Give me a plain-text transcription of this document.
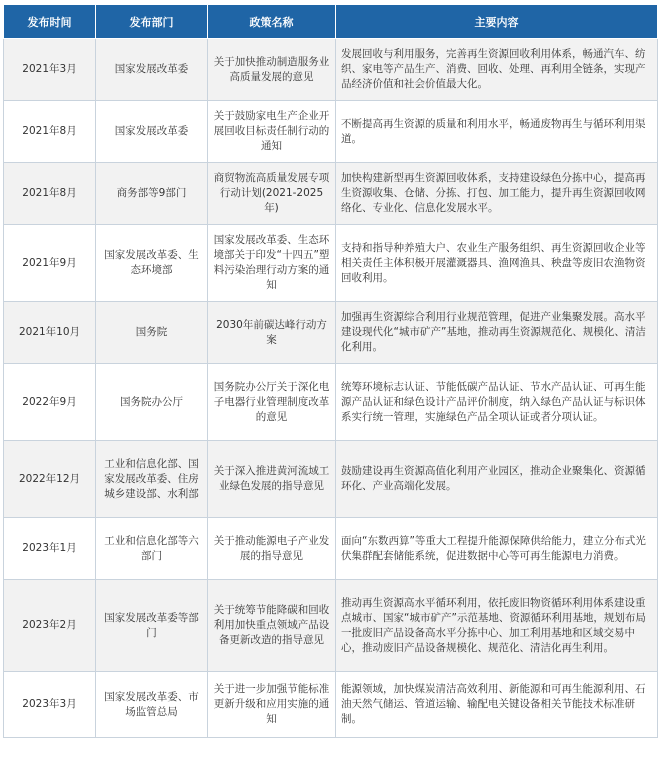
发布时间	发布部门	政策名称	主要内容
2021年3月	国家发展改革委	关于加快推动制造服务业高质量发展的意见	发展回收与利用服务，完善再生资源回收利用体系，畅通汽车、纺织、家电等产品生产、消费、回收、处理、再利用全链条，实现产品经济价值和社会价值最大化。
2021年8月	国家发展改革委	关于鼓励家电生产企业开展回收目标责任制行动的通知	不断提高再生资源的质量和利用水平，畅通废物再生与循环利用渠道。
2021年8月	商务部等9部门	商贸物流高质量发展专项行动计划(2021-2025年)	加快构建新型再生资源回收体系，支持建设绿色分拣中心，提高再生资源收集、仓储、分拣、打包、加工能力，提升再生资源回收网络化、专业化、信息化发展水平。
2021年9月	国家发展改革委、生态环境部	国家发展改革委、生态环境部关于印发“十四五”塑料污染治理行动方案的通知	支持和指导种养殖大户、农业生产服务组织、再生资源回收企业等相关责任主体积极开展灌溉器具、渔网渔具、秧盘等废旧农渔物资回收利用。
2021年10月	国务院	2030年前碳达峰行动方案	加强再生资源综合利用行业规范管理，促进产业集聚发展。高水平建设现代化“城市矿产”基地，推动再生资源规范化、规模化、清洁化利用。
2022年9月	国务院办公厅	国务院办公厅关于深化电子电器行业管理制度改革的意见	统筹环境标志认证、节能低碳产品认证、节水产品认证、可再生能源产品认证和绿色设计产品评价制度，纳入绿色产品认证与标识体系实行统一管理，实施绿色产品全项认证或者分项认证。
2022年12月	工业和信息化部、国家发展改革委、住房城乡建设部、水利部	关于深入推进黄河流域工业绿色发展的指导意见	鼓励建设再生资源高值化利用产业园区，推动企业聚集化、资源循环化、产业高端化发展。
2023年1月	工业和信息化部等六部门	关于推动能源电子产业发展的指导意见	面向“东数西算”等重大工程提升能源保障供给能力，建立分布式光伏集群配套储能系统，促进数据中心等可再生能源电力消费。
2023年2月	国家发展改革委等部门	关于统筹节能降碳和回收利用加快重点领域产品设备更新改造的指导意见	推动再生资源高水平循环利用，依托废旧物资循环利用体系建设重点城市、国家“城市矿产”示范基地、资源循环利用基地，规划布局一批废旧产品设备高水平分拣中心、加工利用基地和区域交易中心，推动废旧产品设备规模化、规范化、清洁化再生利用。
2023年3月	国家发展改革委、市场监管总局	关于进一步加强节能标准更新升级和应用实施的通知	能源领域，加快煤炭清洁高效利用、新能源和可再生能源利用、石油天然气储运、管道运输、输配电关键设备相关节能技术标准研制。
